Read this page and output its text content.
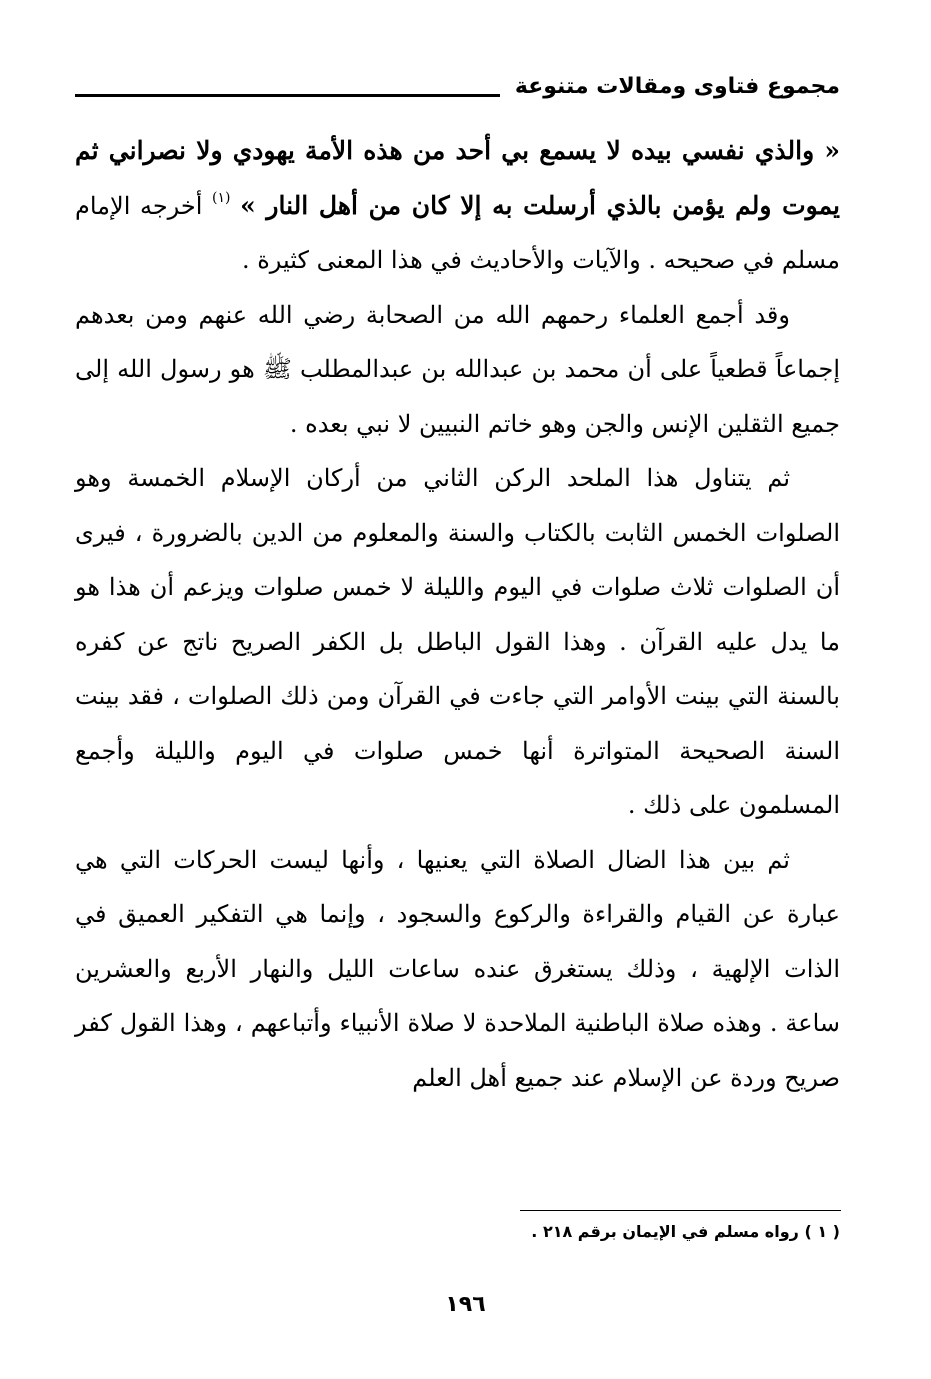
مجموع فتاوى ومقالات متنوعة

« والذي نفسي بيده لا يسمع بي أحد من هذه الأمة يهودي ولا نصراني ثم يموت ولم يؤمن بالذي أرسلت به إلا كان من أهل النار » $^{(١)}$ أخرجه الإمام مسلم في صحيحه . والآيات والأحاديث في هذا المعنى كثيرة .

وقد أجمع العلماء رحمهم الله من الصحابة رضي الله عنهم ومن بعدهم إجماعاً قطعياً على أن محمد بن عبدالله بن عبدالمطلب ﷺ هو رسول الله إلى جميع الثقلين الإنس والجن وهو خاتم النبيين لا نبي بعده .

ثم يتناول هذا الملحد الركن الثاني من أركان الإسلام الخمسة وهو الصلوات الخمس الثابت بالكتاب والسنة والمعلوم من الدين بالضرورة ، فيرى أن الصلوات ثلاث صلوات في اليوم والليلة لا خمس صلوات ويزعم أن هذا هو ما يدل عليه القرآن . وهذا القول الباطل بل الكفر الصريح ناتج عن كفره بالسنة التي بينت الأوامر التي جاءت في القرآن ومن ذلك الصلوات ، فقد بينت السنة الصحيحة المتواترة أنها خمس صلوات في اليوم والليلة وأجمع المسلمون على ذلك .

ثم بين هذا الضال الصلاة التي يعنيها ، وأنها ليست الحركات التي هي عبارة عن القيام والقراءة والركوع والسجود ، وإنما هي التفكير العميق في الذات الإلهية ، وذلك يستغرق عنده ساعات الليل والنهار الأربع والعشرين ساعة . وهذه صلاة الباطنية الملاحدة لا صلاة الأنبياء وأتباعهم ، وهذا القول كفر صريح وردة عن الإسلام عند جميع أهل العلم

( ١ ) رواه مسلم في الإيمان برقم ٢١٨ .
١٩٦
